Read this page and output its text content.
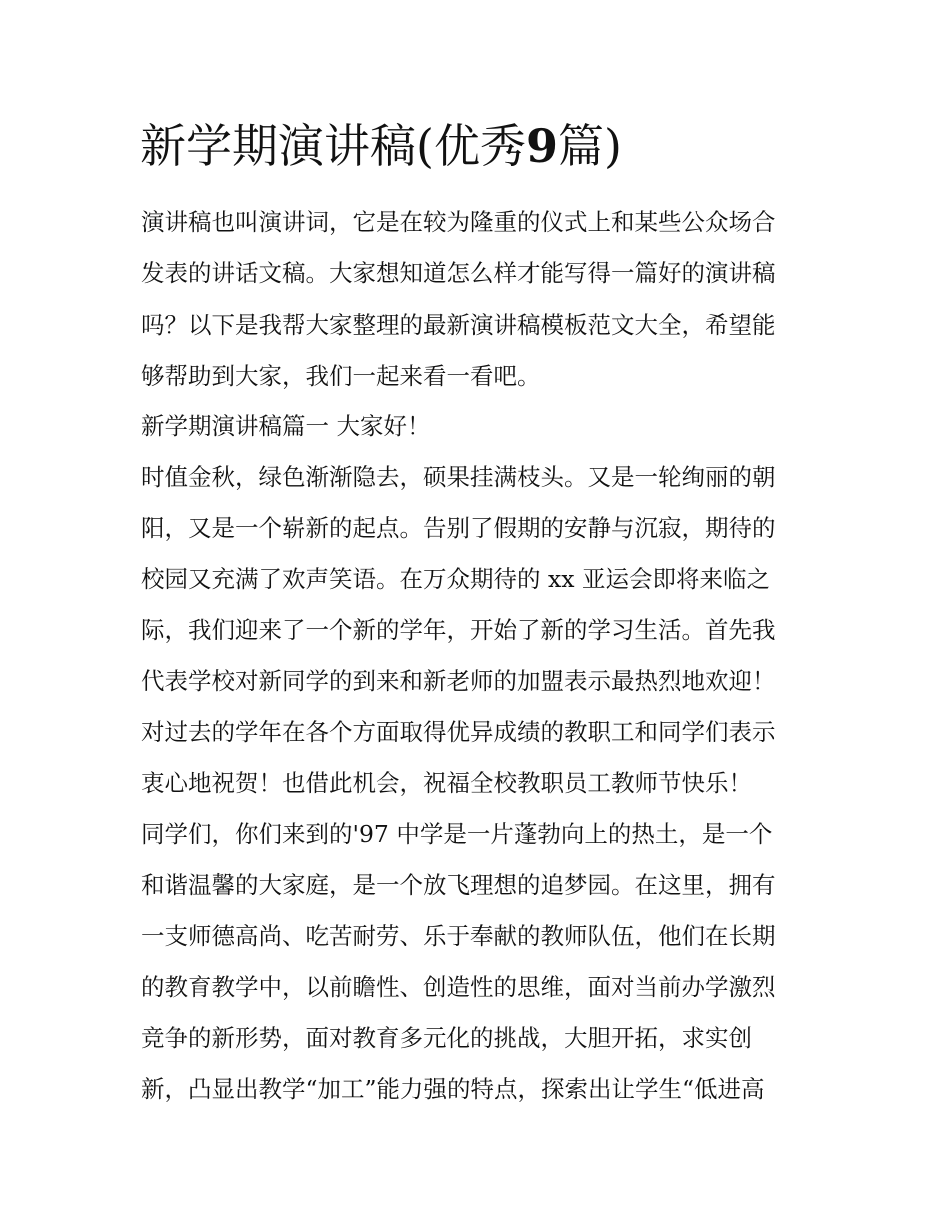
新学期演讲稿(优秀9篇)

演讲稿也叫演讲词，它是在较为隆重的仪式上和某些公众场合

发表的讲话文稿。大家想知道怎么样才能写得一篇好的演讲稿

吗？以下是我帮大家整理的最新演讲稿模板范文大全，希望能

够帮助到大家，我们一起来看一看吧。

新学期演讲稿篇一 大家好！

时值金秋，绿色渐渐隐去，硕果挂满枝头。又是一轮绚丽的朝

阳，又是一个崭新的起点。告别了假期的安静与沉寂，期待的

校园又充满了欢声笑语。在万众期待的 xx 亚运会即将来临之

际，我们迎来了一个新的学年，开始了新的学习生活。首先我

代表学校对新同学的到来和新老师的加盟表示最热烈地欢迎！

对过去的学年在各个方面取得优异成绩的教职工和同学们表示

衷心地祝贺！也借此机会，祝福全校教职员工教师节快乐！

同学们，你们来到的'97 中学是一片蓬勃向上的热土，是一个

和谐温馨的大家庭，是一个放飞理想的追梦园。在这里，拥有

一支师德高尚、吃苦耐劳、乐于奉献的教师队伍，他们在长期

的教育教学中，以前瞻性、创造性的思维，面对当前办学激烈

竞争的新形势，面对教育多元化的挑战，大胆开拓，求实创

新，凸显出教学“加工”能力强的特点，探索出让学生“低进高
